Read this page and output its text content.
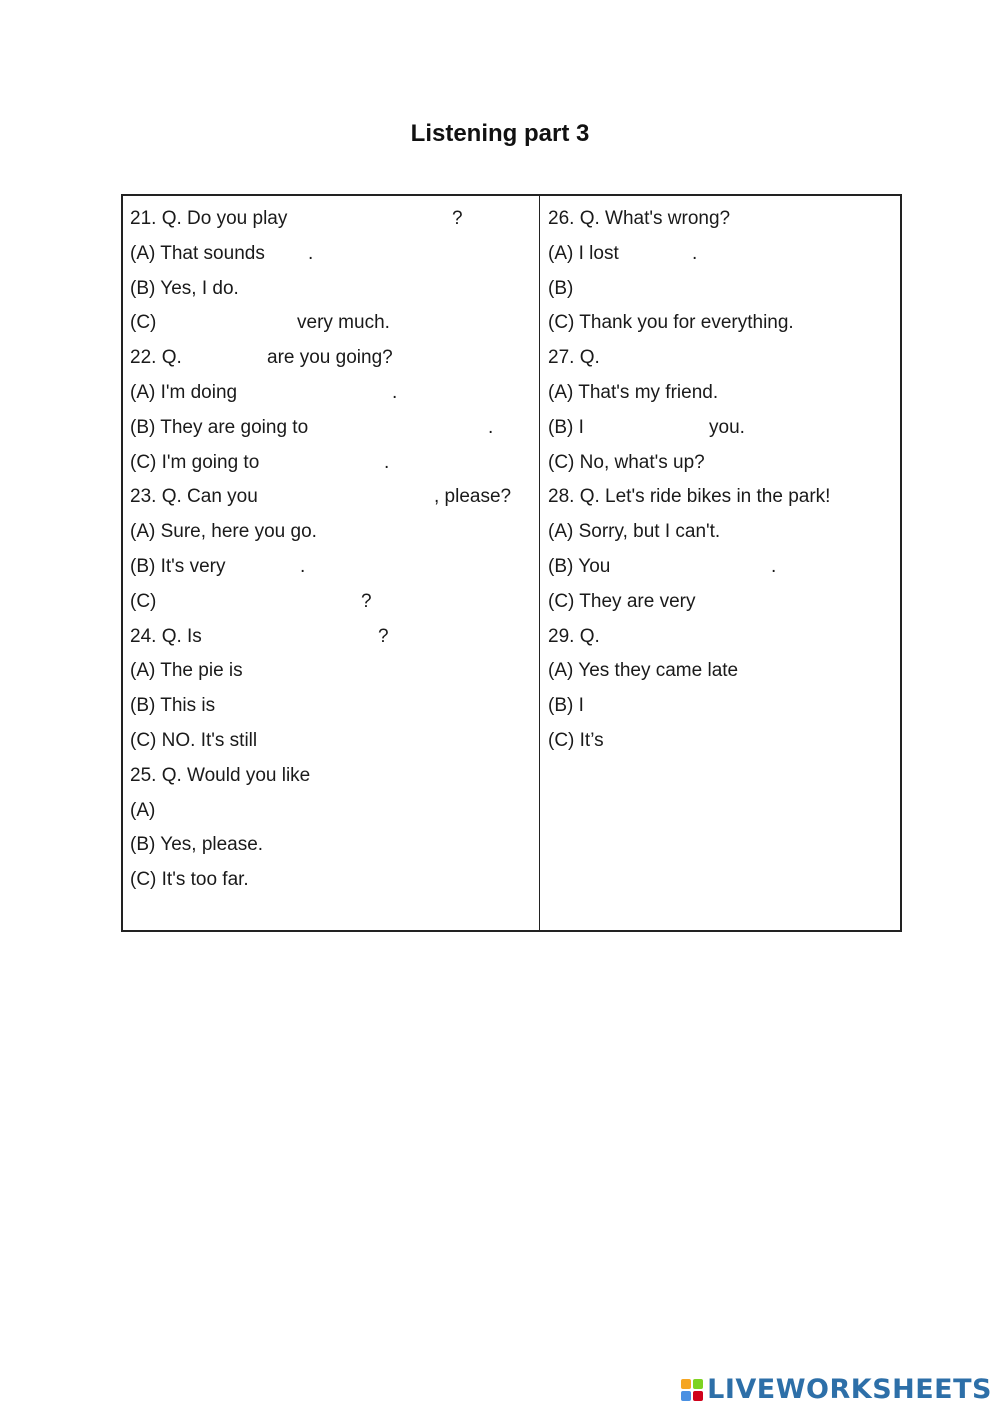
Listening part 3
21. Q. Do you play	?
(A) That sounds .
(B) Yes, I do.
(C)	very much.
22. Q.	are you going?
(A) I'm doing	.
(B) They are going to	.
(C) I'm going to	.
23. Q. Can you	, please?
(A) Sure, here you go.
(B) It's very	.
(C)	?
24. Q. Is	?
(A) The pie is
(B) This is
(C) NO. It's still
25. Q. Would you like
(A)
(B) Yes, please.
(C) It's too far.
26. Q. What's wrong?
(A) I lost	.
(B)
(C) Thank you for everything.
27. Q.
(A) That's my friend.
(B) I	you.
(C) No, what's up?
28. Q. Let's ride bikes in the park!
(A) Sorry, but I can't.
(B) You	.
(C) They are very
29. Q.
(A) Yes they came late
(B) I
(C) It’s
LIVEWORKSHEETS
